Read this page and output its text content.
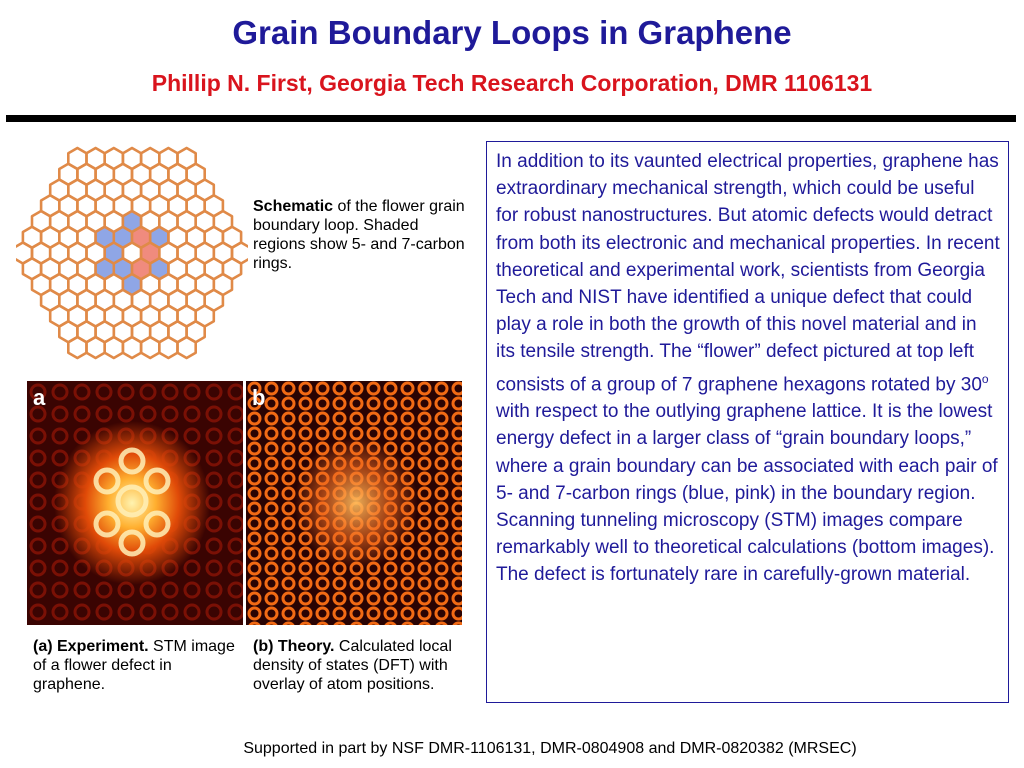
Grain Boundary Loops in Graphene
Phillip N. First, Georgia Tech Research Corporation, DMR 1106131
Schematic of the flower grain boundary loop. Shaded regions show 5- and 7-carbon rings.
a	b
(a) Experiment. STM image of a flower defect in graphene.
(b) Theory. Calculated local density of states (DFT) with overlay of atom positions.
In addition to its vaunted electrical properties, graphene has extraordinary mechanical strength, which could be useful for robust nanostructures. But atomic defects would detract from both its electronic and mechanical properties. In recent theoretical and experimental work, scientists from Georgia Tech and NIST have identified a unique defect that could play a role in both the growth of this novel material and in its tensile strength. The “flower” defect pictured at top left consists of a group of 7 graphene hexagons rotated by 30$^o$ with respect to the outlying graphene lattice. It is the lowest energy defect in a larger class of “grain boundary loops,” where a grain boundary can be associated with each pair of 5- and 7-carbon rings (blue, pink) in the boundary region. Scanning tunneling microscopy (STM) images compare remarkably well to theoretical calculations (bottom images). The defect is fortunately rare in carefully-grown material.
Supported in part by NSF DMR-1106131, DMR-0804908 and DMR-0820382 (MRSEC)
